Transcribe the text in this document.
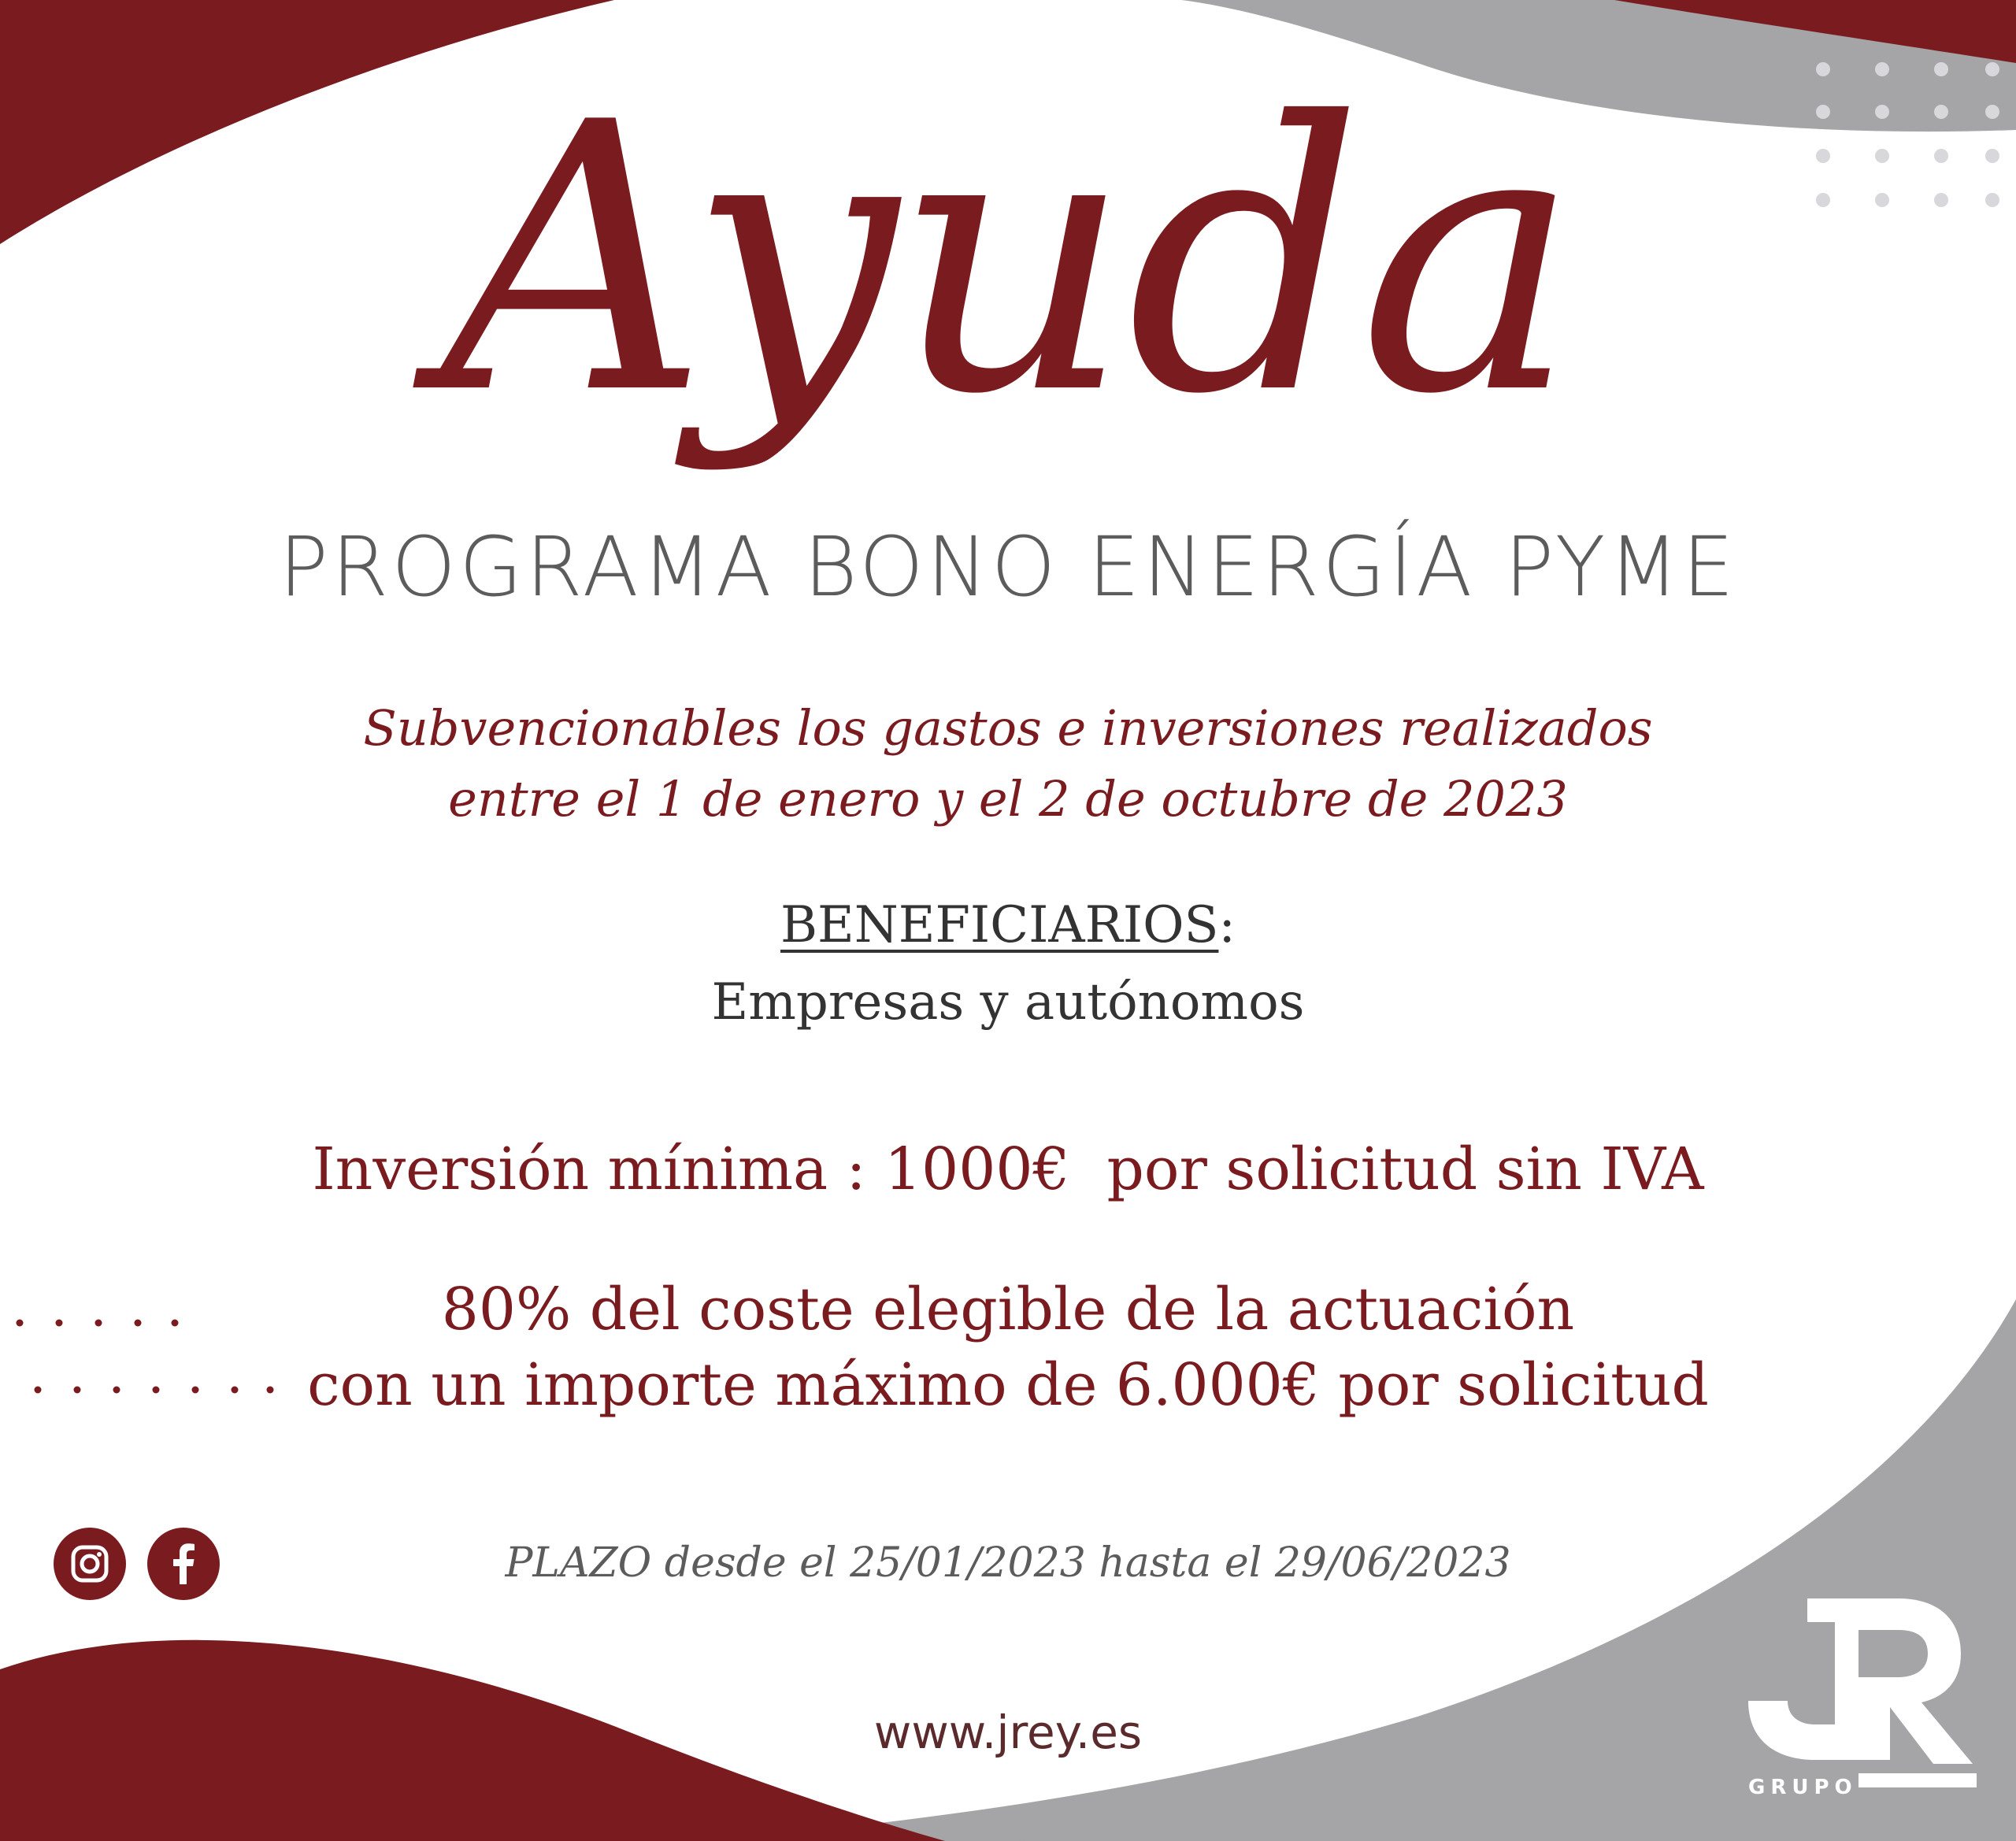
Ayuda
PROGRAMA BONO ENERGÍA PYME
Subvencionables los gastos e inversiones realizados
entre el 1 de enero y el 2 de octubre de 2023
BENEFICIARIOS:
Empresas y autónomos
Inversión mínima : 1000€  por solicitud sin IVA
80% del coste elegible de la actuación
con un importe máximo de 6.000€ por solicitud
PLAZO desde el 25/01/2023 hasta el 29/06/2023
www.jrey.es
GRUPO
